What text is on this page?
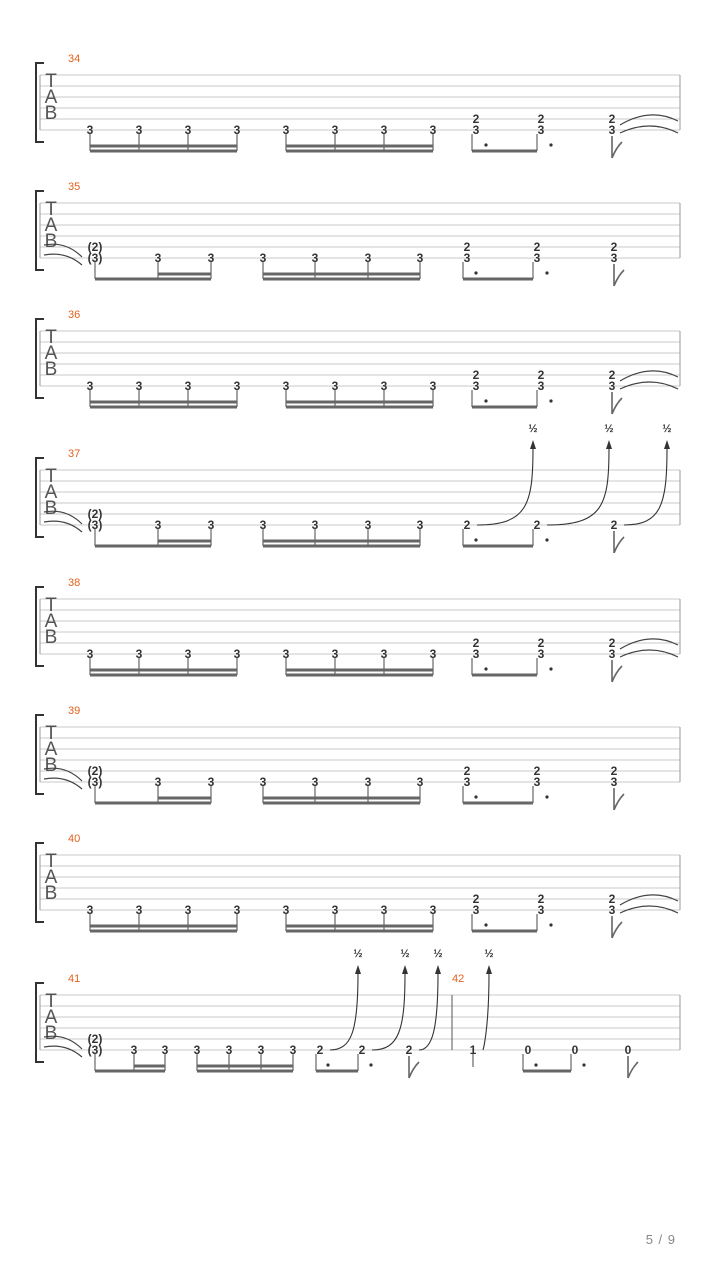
T
A
B
34
3	3	3	3	3	3	3	3
2
3
2
3
2
3
T
A
B
35
(2)
(3)	3	3	3	3	3	3
2
3
2
3
2
3
T
A
B
36
3	3	3	3	3	3	3	3
2
3
2
3
2
3
T
A
B
37
(2)
(3)	3	3	3	3	3	3	2
½
2
½
2
½
T
A
B
38
3	3	3	3	3	3	3	3
2
3
2
3
2
3
T
A
B
39
(2)
(3)	3	3	3	3	3	3
2
3
2
3
2
3
T
A
B
40
3	3	3	3	3	3	3	3
2
3
2
3
2
3
T
A
B
41	42
(2)
(3) 3 3 3 3 3 3 2
½
2
½
2
½
1
½
0	0	0
5 / 9
